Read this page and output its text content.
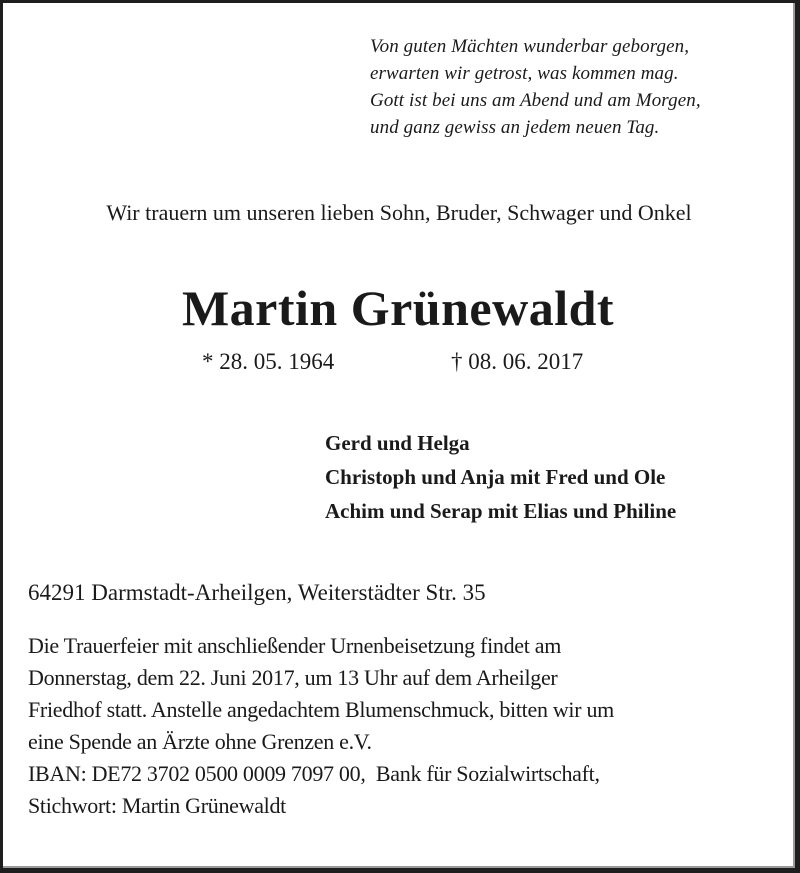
Von guten Mächten wunderbar geborgen,
erwarten wir getrost, was kommen mag.
Gott ist bei uns am Abend und am Morgen,
und ganz gewiss an jedem neuen Tag.
Wir trauern um unseren lieben Sohn, Bruder, Schwager und Onkel
Martin Grünewaldt
* 28. 05. 1964	† 08. 06. 2017
Gerd und Helga
Christoph und Anja mit Fred und Ole
Achim und Serap mit Elias und Philine
64291 Darmstadt-Arheilgen, Weiterstädter Str. 35
Die Trauerfeier mit anschließender Urnenbeisetzung findet am
Donnerstag, dem 22. Juni 2017, um 13 Uhr auf dem Arheilger
Friedhof statt. Anstelle angedachtem Blumenschmuck, bitten wir um
eine Spende an Ärzte ohne Grenzen e.V.
IBAN: DE72 3702 0500 0009 7097 00,  Bank für Sozialwirtschaft,
Stichwort: Martin Grünewaldt
